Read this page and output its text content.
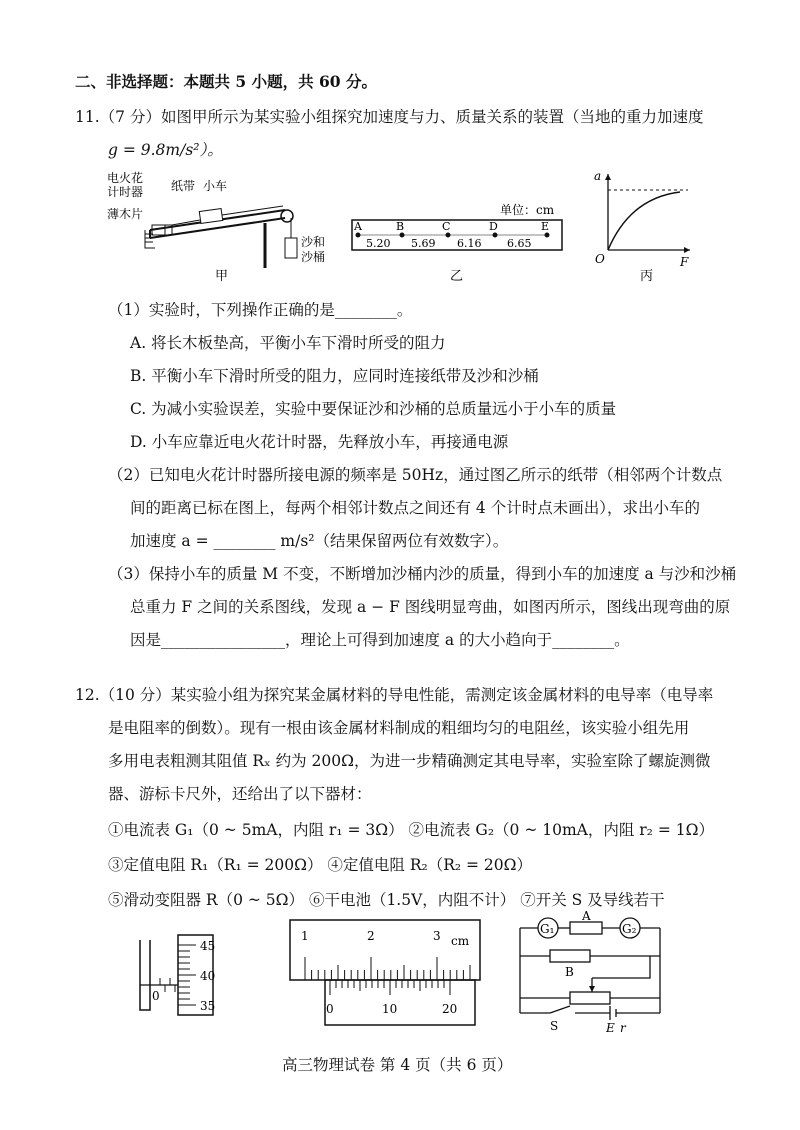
二、非选择题：本题共 5 小题，共 60 分。
11.（7 分）如图甲所示为某实验小组探究加速度与力、质量关系的装置（当地的重力加速度
g = 9.8m/s²）。
电火花
计时器 纸带 小车
薄木片
沙和
沙桶
甲
单位：cm
A	B	C	D	E
5.20 5.69 6.16 6.65
乙
a
F
O
丙
（1）实验时，下列操作正确的是________。
A. 将长木板垫高，平衡小车下滑时所受的阻力
B. 平衡小车下滑时所受的阻力，应同时连接纸带及沙和沙桶
C. 为减小实验误差，实验中要保证沙和沙桶的总质量远小于小车的质量
D. 小车应靠近电火花计时器，先释放小车，再接通电源
（2）已知电火花计时器所接电源的频率是 50Hz，通过图乙所示的纸带（相邻两个计数点
间的距离已标在图上，每两个相邻计数点之间还有 4 个计时点未画出），求出小车的
加速度 a = ________ m/s²（结果保留两位有效数字）。
（3）保持小车的质量 M 不变，不断增加沙桶内沙的质量，得到小车的加速度 a 与沙和沙桶
总重力 F 之间的关系图线，发现 a − F 图线明显弯曲，如图丙所示，图线出现弯曲的原
因是________________，理论上可得到加速度 a 的大小趋向于________。
12.（10 分）某实验小组为探究某金属材料的导电性能，需测定该金属材料的电导率（电导率
是电阻率的倒数）。现有一根由该金属材料制成的粗细均匀的电阻丝，该实验小组先用
多用电表粗测其阻值 Rₓ 约为 200Ω，为进一步精确测定其电导率，实验室除了螺旋测微
器、游标卡尺外，还给出了以下器材：
①电流表 G₁（0 ~ 5mA，内阻 r₁ = 3Ω） ②电流表 G₂（0 ~ 10mA，内阻 r₂ = 1Ω）
③定值电阻 R₁（R₁ = 200Ω） ④定值电阻 R₂（R₂ = 20Ω）
⑤滑动变阻器 R（0 ~ 5Ω） ⑥干电池（1.5V，内阻不计） ⑦开关 S 及导线若干
45
40
35
0
1	2	3 cm
0	10	20
G₁	G₂
A
B
S	E r
高三物理试卷 第 4 页（共 6 页）
